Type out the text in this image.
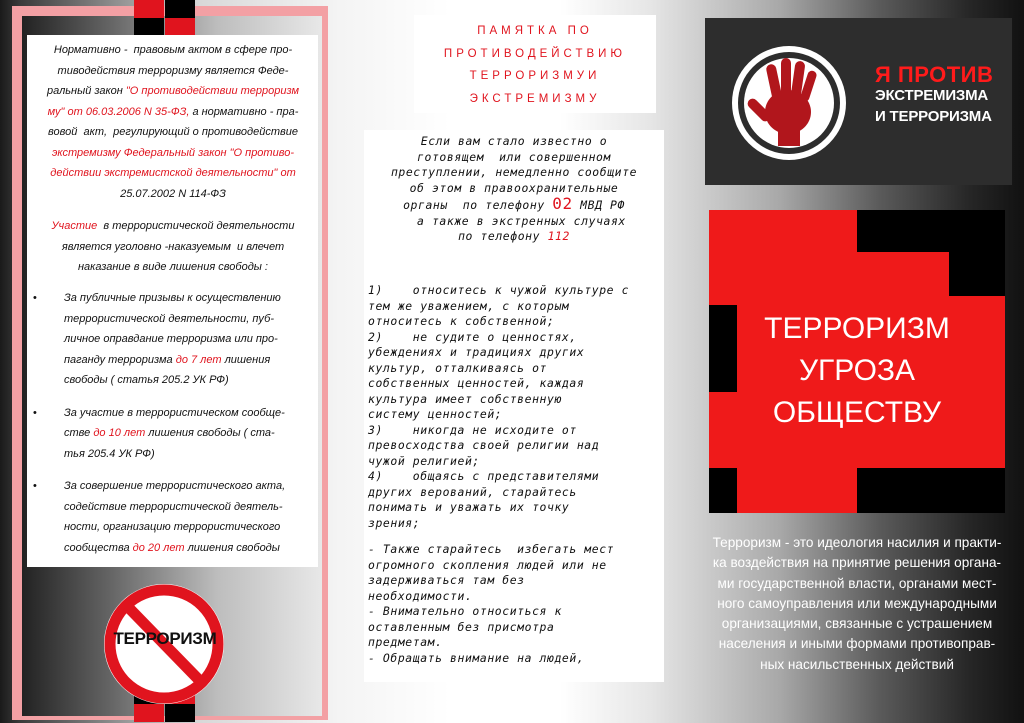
Нормативно -  правовым актом в сфере про-
тиводействия терроризму является Феде-
ральный закон "О противодействии терроризм
му" от 06.03.2006 N 35-ФЗ, а нормативно - пра-
вовой  акт,  регулирующий о противодействие
экстремизму Федеральный закон "О противо-
действии экстремистской деятельности" от
25.07.2002 N 114-ФЗ
Участие  в террористической деятельности
является уголовно -наказуемым  и влечет
наказание в виде лишения свободы :
• За публичные призывы к осуществлению
террористической деятельности, пуб-
личное оправдание терроризма или про-
паганду терроризма до 7 лет лишения
свободы ( статья 205.2 УК РФ)
• За участие в террористическом сообще-
стве до 10 лет лишения свободы ( ста-
тья 205.4 УК РФ)
• За совершение террористического акта,
содействие террористической деятель-
ности, организацию террористического
сообщества до 20 лет лишения свободы
ТЕРРОРИЗМ
ПАМЯТКА ПО
ПРОТИВОДЕЙСТВИЮ
ТЕРРОРИЗМУИ
ЭКСТРЕМИЗМУ
Если вам стало известно о
готовящем  или совершенном
преступлении, немедленно сообщите
об этом в правоохранительные
органы  по телефону 02 МВД РФ
а также в экстренных случаях
по телефону 112
1)    относитесь к чужой культуре с
тем же уважением, с которым
относитесь к собственной;
2)    не судите о ценностях,
убеждениях и традициях других
культур, отталкиваясь от
собственных ценностей, каждая
культура имеет собственную
систему ценностей;
3)    никогда не исходите от
превосходства своей религии над
чужой религией;
4)    общаясь с представителями
других верований, старайтесь
понимать и уважать их точку
зрения;
- Также старайтесь  избегать мест
огромного скопления людей или не
задерживаться там без
необходимости.
- Внимательно относиться к
оставленным без присмотра
предметам.
- Обращать внимание на людей,
Я ПРОТИВ
ЭКСТРЕМИЗМА
И ТЕРРОРИЗМА
ТЕРРОРИЗМ
УГРОЗА
ОБЩЕСТВУ
Терроризм - это идеология насилия и практи-
ка воздействия на принятие решения органа-
ми государственной власти, органами мест-
ного самоуправления или международными
организациями, связанные с устрашением
населения и иными формами противоправ-
ных насильственных действий
